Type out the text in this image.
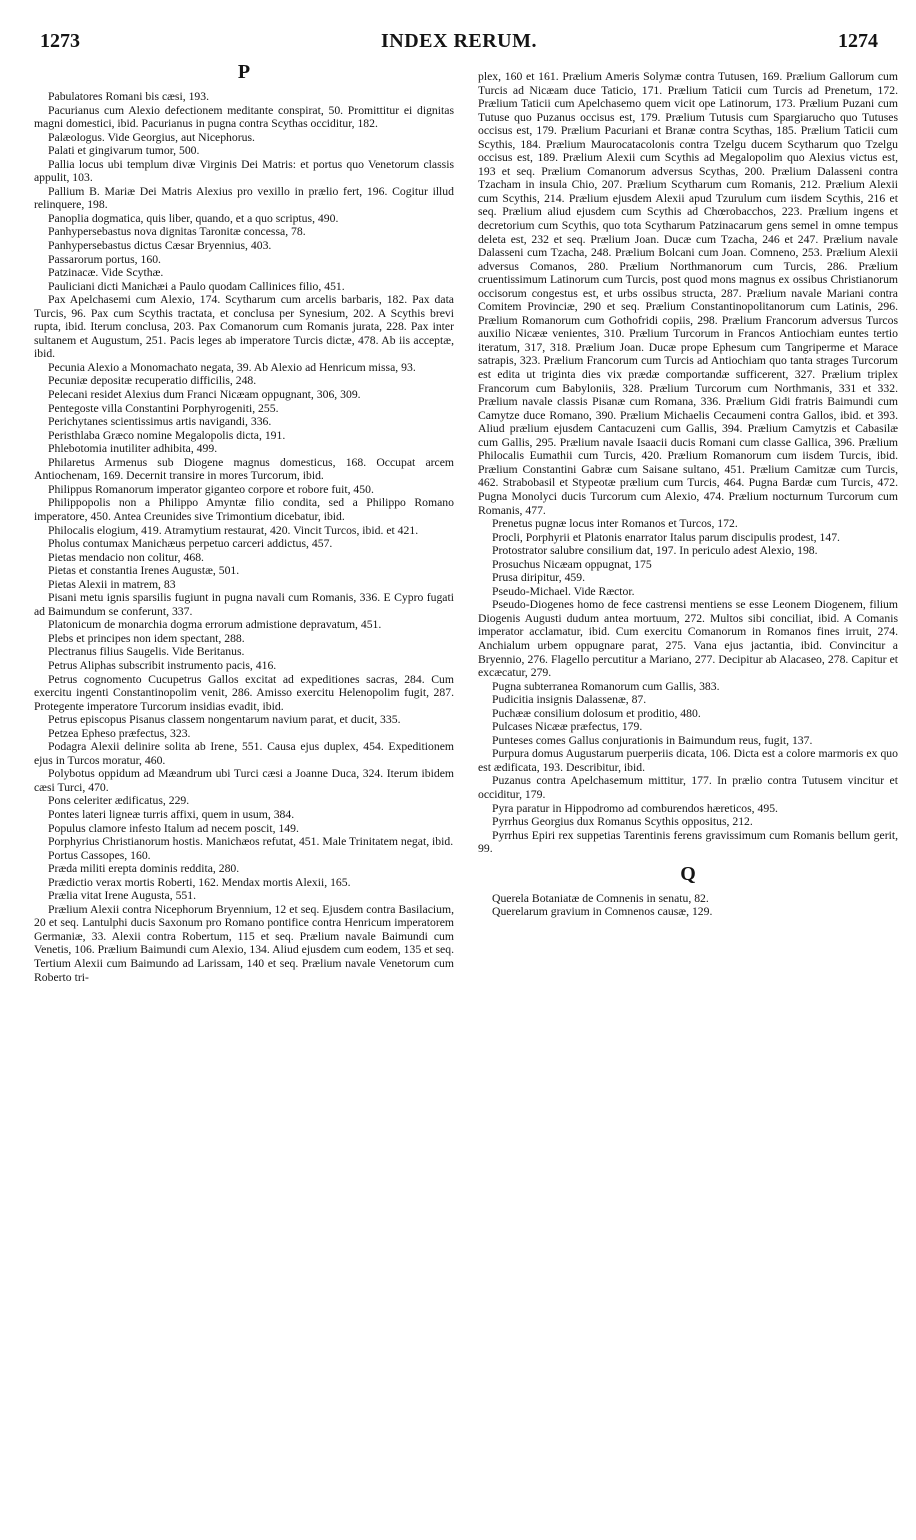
1273	INDEX RERUM.	1274
P

Pabulatores Romani bis cæsi, 193.

Pacurianus cum Alexio defectionem meditante conspirat, 50. Promittitur ei dignitas magni domestici, ibid. Pacurianus in pugna contra Scythas occiditur, 182.

Palæologus. Vide Georgius, aut Nicephorus.

Palati et gingivarum tumor, 500.

Pallia locus ubi templum divæ Virginis Dei Matris: et portus quo Venetorum classis appulit, 103.

Pallium B. Mariæ Dei Matris Alexius pro vexillo in prælio fert, 196. Cogitur illud relinquere, 198.

Panoplia dogmatica, quis liber, quando, et a quo scriptus, 490.

Panhypersebastus nova dignitas Taronitæ concessa, 78.

Panhypersebastus dictus Cæsar Bryennius, 403.

Passarorum portus, 160.

Patzinacæ. Vide Scythæ.

Pauliciani dicti Manichæi a Paulo quodam Callinices filio, 451.

Pax Apelchasemi cum Alexio, 174. Scytharum cum arcelis barbaris, 182. Pax data Turcis, 96. Pax cum Scythis tractata, et conclusa per Synesium, 202. A Scythis brevi rupta, ibid. Iterum conclusa, 203. Pax Comanorum cum Romanis jurata, 228. Pax inter sultanem et Augustum, 251. Pacis leges ab imperatore Turcis dictæ, 478. Ab iis acceptæ, ibid.

Pecunia Alexio a Monomachato negata, 39. Ab Alexio ad Henricum missa, 93.

Pecuniæ depositæ recuperatio difficilis, 248.

Pelecani residet Alexius dum Franci Nicæam oppugnant, 306, 309.

Pentegoste villa Constantini Porphyrogeniti, 255.

Perichytanes scientissimus artis navigandi, 336.

Peristhlaba Græco nomine Megalopolis dicta, 191.

Phlebotomia inutiliter adhibita, 499.

Philaretus Armenus sub Diogene magnus domesticus, 168. Occupat arcem Antiochenam, 169. Decernit transire in mores Turcorum, ibid.

Philippus Romanorum imperator giganteo corpore et robore fuit, 450.

Philippopolis non a Philippo Amyntæ filio condita, sed a Philippo Romano imperatore, 450. Antea Creunides sive Trimontium dicebatur, ibid.

Philocalis elogium, 419. Atramytium restaurat, 420. Vincit Turcos, ibid. et 421.

Pholus contumax Manichæus perpetuo carceri addictus, 457.

Pietas mendacio non colitur, 468.

Pietas et constantia Irenes Augustæ, 501.

Pietas Alexii in matrem, 83

Pisani metu ignis sparsilis fugiunt in pugna navali cum Romanis, 336. E Cypro fugati ad Baimundum se conferunt, 337.

Platonicum de monarchia dogma errorum admistione depravatum, 451.

Plebs et principes non idem spectant, 288.

Plectranus filius Saugelis. Vide Beritanus.

Petrus Aliphas subscribit instrumento pacis, 416.

Petrus cognomento Cucupetrus Gallos excitat ad expeditiones sacras, 284. Cum exercitu ingenti Constantinopolim venit, 286. Amisso exercitu Helenopolim fugit, 287. Protegente imperatore Turcorum insidias evadit, ibid.

Petrus episcopus Pisanus classem nongentarum navium parat, et ducit, 335.

Petzea Epheso præfectus, 323.

Podagra Alexii delinire solita ab Irene, 551. Causa ejus duplex, 454. Expeditionem ejus in Turcos moratur, 460.

Polybotus oppidum ad Mæandrum ubi Turci cæsi a Joanne Duca, 324. Iterum ibidem cæsi Turci, 470.

Pons celeriter ædificatus, 229.

Pontes lateri ligneæ turris affixi, quem in usum, 384.

Populus clamore infesto Italum ad necem poscit, 149.

Porphyrius Christianorum hostis. Manichæos refutat, 451. Male Trinitatem negat, ibid.

Portus Cassopes, 160.

Præda militi erepta dominis reddita, 280.

Prædictio verax mortis Roberti, 162. Mendax mortis Alexii, 165.

Prælia vitat Irene Augusta, 551.

Prælium Alexii contra Nicephorum Bryennium, 12 et seq. Ejusdem contra Basilacium, 20 et seq. Lantulphi ducis Saxonum pro Romano pontifice contra Henricum imperatorem Germaniæ, 33. Alexii contra Robertum, 115 et seq. Prælium navale Baimundi cum Venetis, 106. Prælium Baimundi cum Alexio, 134. Aliud ejusdem cum eodem, 135 et seq. Tertium Alexii cum Baimundo ad Larissam, 140 et seq. Prælium navale Venetorum cum Roberto tri-

plex, 160 et 161. Prælium Ameris Solymæ contra Tutusen, 169. Prælium Gallorum cum Turcis ad Nicæam duce Taticio, 171. Prælium Taticii cum Turcis ad Prenetum, 172. Prælium Taticii cum Apelchasemo quem vicit ope Latinorum, 173. Prælium Puzani cum Tutuse quo Puzanus occisus est, 179. Prælium Tutusis cum Spargiarucho quo Tutuses occisus est, 179. Prælium Pacuriani et Branæ contra Scythas, 185. Prælium Taticii cum Scythis, 184. Prælium Maurocatacolonis contra Tzelgu ducem Scytharum quo Tzelgu occisus est, 189. Prælium Alexii cum Scythis ad Megalopolim quo Alexius victus est, 193 et seq. Prælium Comanorum adversus Scythas, 200. Prælium Dalasseni contra Tzacham in insula Chio, 207. Prælium Scytharum cum Romanis, 212. Prælium Alexii cum Scythis, 214. Prælium ejusdem Alexii apud Tzurulum cum iisdem Scythis, 216 et seq. Prælium aliud ejusdem cum Scythis ad Chœrobacchos, 223. Prælium ingens et decretorium cum Scythis, quo tota Scytharum Patzinacarum gens semel in omne tempus deleta est, 232 et seq. Prælium Joan. Ducæ cum Tzacha, 246 et 247. Prælium navale Dalasseni cum Tzacha, 248. Prælium Bolcani cum Joan. Comneno, 253. Prælium Alexii adversus Comanos, 280. Prælium Northmanorum cum Turcis, 286. Prælium cruentissimum Latinorum cum Turcis, post quod mons magnus ex ossibus Christianorum occisorum congestus est, et urbs ossibus structa, 287. Prælium navale Mariani contra Comitem Provinciæ, 290 et seq. Prælium Constantinopolitanorum cum Latinis, 296. Prælium Romanorum cum Gothofridi copiis, 298. Prælium Francorum adversus Turcos auxilio Nicææ venientes, 310. Prælium Turcorum in Francos Antiochiam euntes tertio iteratum, 317, 318. Prælium Joan. Ducæ prope Ephesum cum Tangriperme et Marace satrapis, 323. Prælium Francorum cum Turcis ad Antiochiam quo tanta strages Turcorum est edita ut triginta dies vix prædæ comportandæ sufficerent, 327. Prælium triplex Francorum cum Babyloniis, 328. Prælium Turcorum cum Northmanis, 331 et 332. Prælium navale classis Pisanæ cum Romana, 336. Prælium Gidi fratris Baimundi cum Camytze duce Romano, 390. Prælium Michaelis Cecaumeni contra Gallos, ibid. et 393. Aliud prælium ejusdem Cantacuzeni cum Gallis, 394. Prælium Camytzis et Cabasilæ cum Gallis, 295. Prælium navale Isaacii ducis Romani cum classe Gallica, 396. Prælium Philocalis Eumathii cum Turcis, 420. Prælium Romanorum cum iisdem Turcis, ibid. Prælium Constantini Gabræ cum Saisane sultano, 451. Prælium Camitzæ cum Turcis, 462. Strabobasil et Stypeotæ prælium cum Turcis, 464. Pugna Bardæ cum Turcis, 472. Pugna Monolyci ducis Turcorum cum Alexio, 474. Prælium nocturnum Turcorum cum Romanis, 477.

Prenetus pugnæ locus inter Romanos et Turcos, 172.

Procli, Porphyrii et Platonis enarrator Italus parum discipulis prodest, 147.

Protostrator salubre consilium dat, 197. In periculo adest Alexio, 198.

Prosuchus Nicæam oppugnat, 175

Prusa diripitur, 459.

Pseudo-Michael. Vide Ræctor.

Pseudo-Diogenes homo de fece castrensi mentiens se esse Leonem Diogenem, filium Diogenis Augusti dudum antea mortuum, 272. Multos sibi conciliat, ibid. A Comanis imperator acclamatur, ibid. Cum exercitu Comanorum in Romanos fines irruit, 274. Anchialum urbem oppugnare parat, 275. Vana ejus jactantia, ibid. Convincitur a Bryennio, 276. Flagello percutitur a Mariano, 277. Decipitur ab Alacaseo, 278. Capitur et excæcatur, 279.

Pugna subterranea Romanorum cum Gallis, 383.

Pudicitia insignis Dalassenæ, 87.

Puchææ consilium dolosum et proditio, 480.

Pulcases Nicææ præfectus, 179.

Punteses comes Gallus conjurationis in Baimundum reus, fugit, 137.

Purpura domus Augustarum puerperiis dicata, 106. Dicta est a colore marmoris ex quo est ædificata, 193. Describitur, ibid.

Puzanus contra Apelchasemum mittitur, 177. In prælio contra Tutusem vincitur et occiditur, 179.

Pyra paratur in Hippodromo ad comburendos hæreticos, 495.

Pyrrhus Georgius dux Romanus Scythis oppositus, 212.

Pyrrhus Epiri rex suppetias Tarentinis ferens gravissimum cum Romanis bellum gerit, 99.

Q

Querela Botaniatæ de Comnenis in senatu, 82.

Querelarum gravium in Comnenos causæ, 129.
